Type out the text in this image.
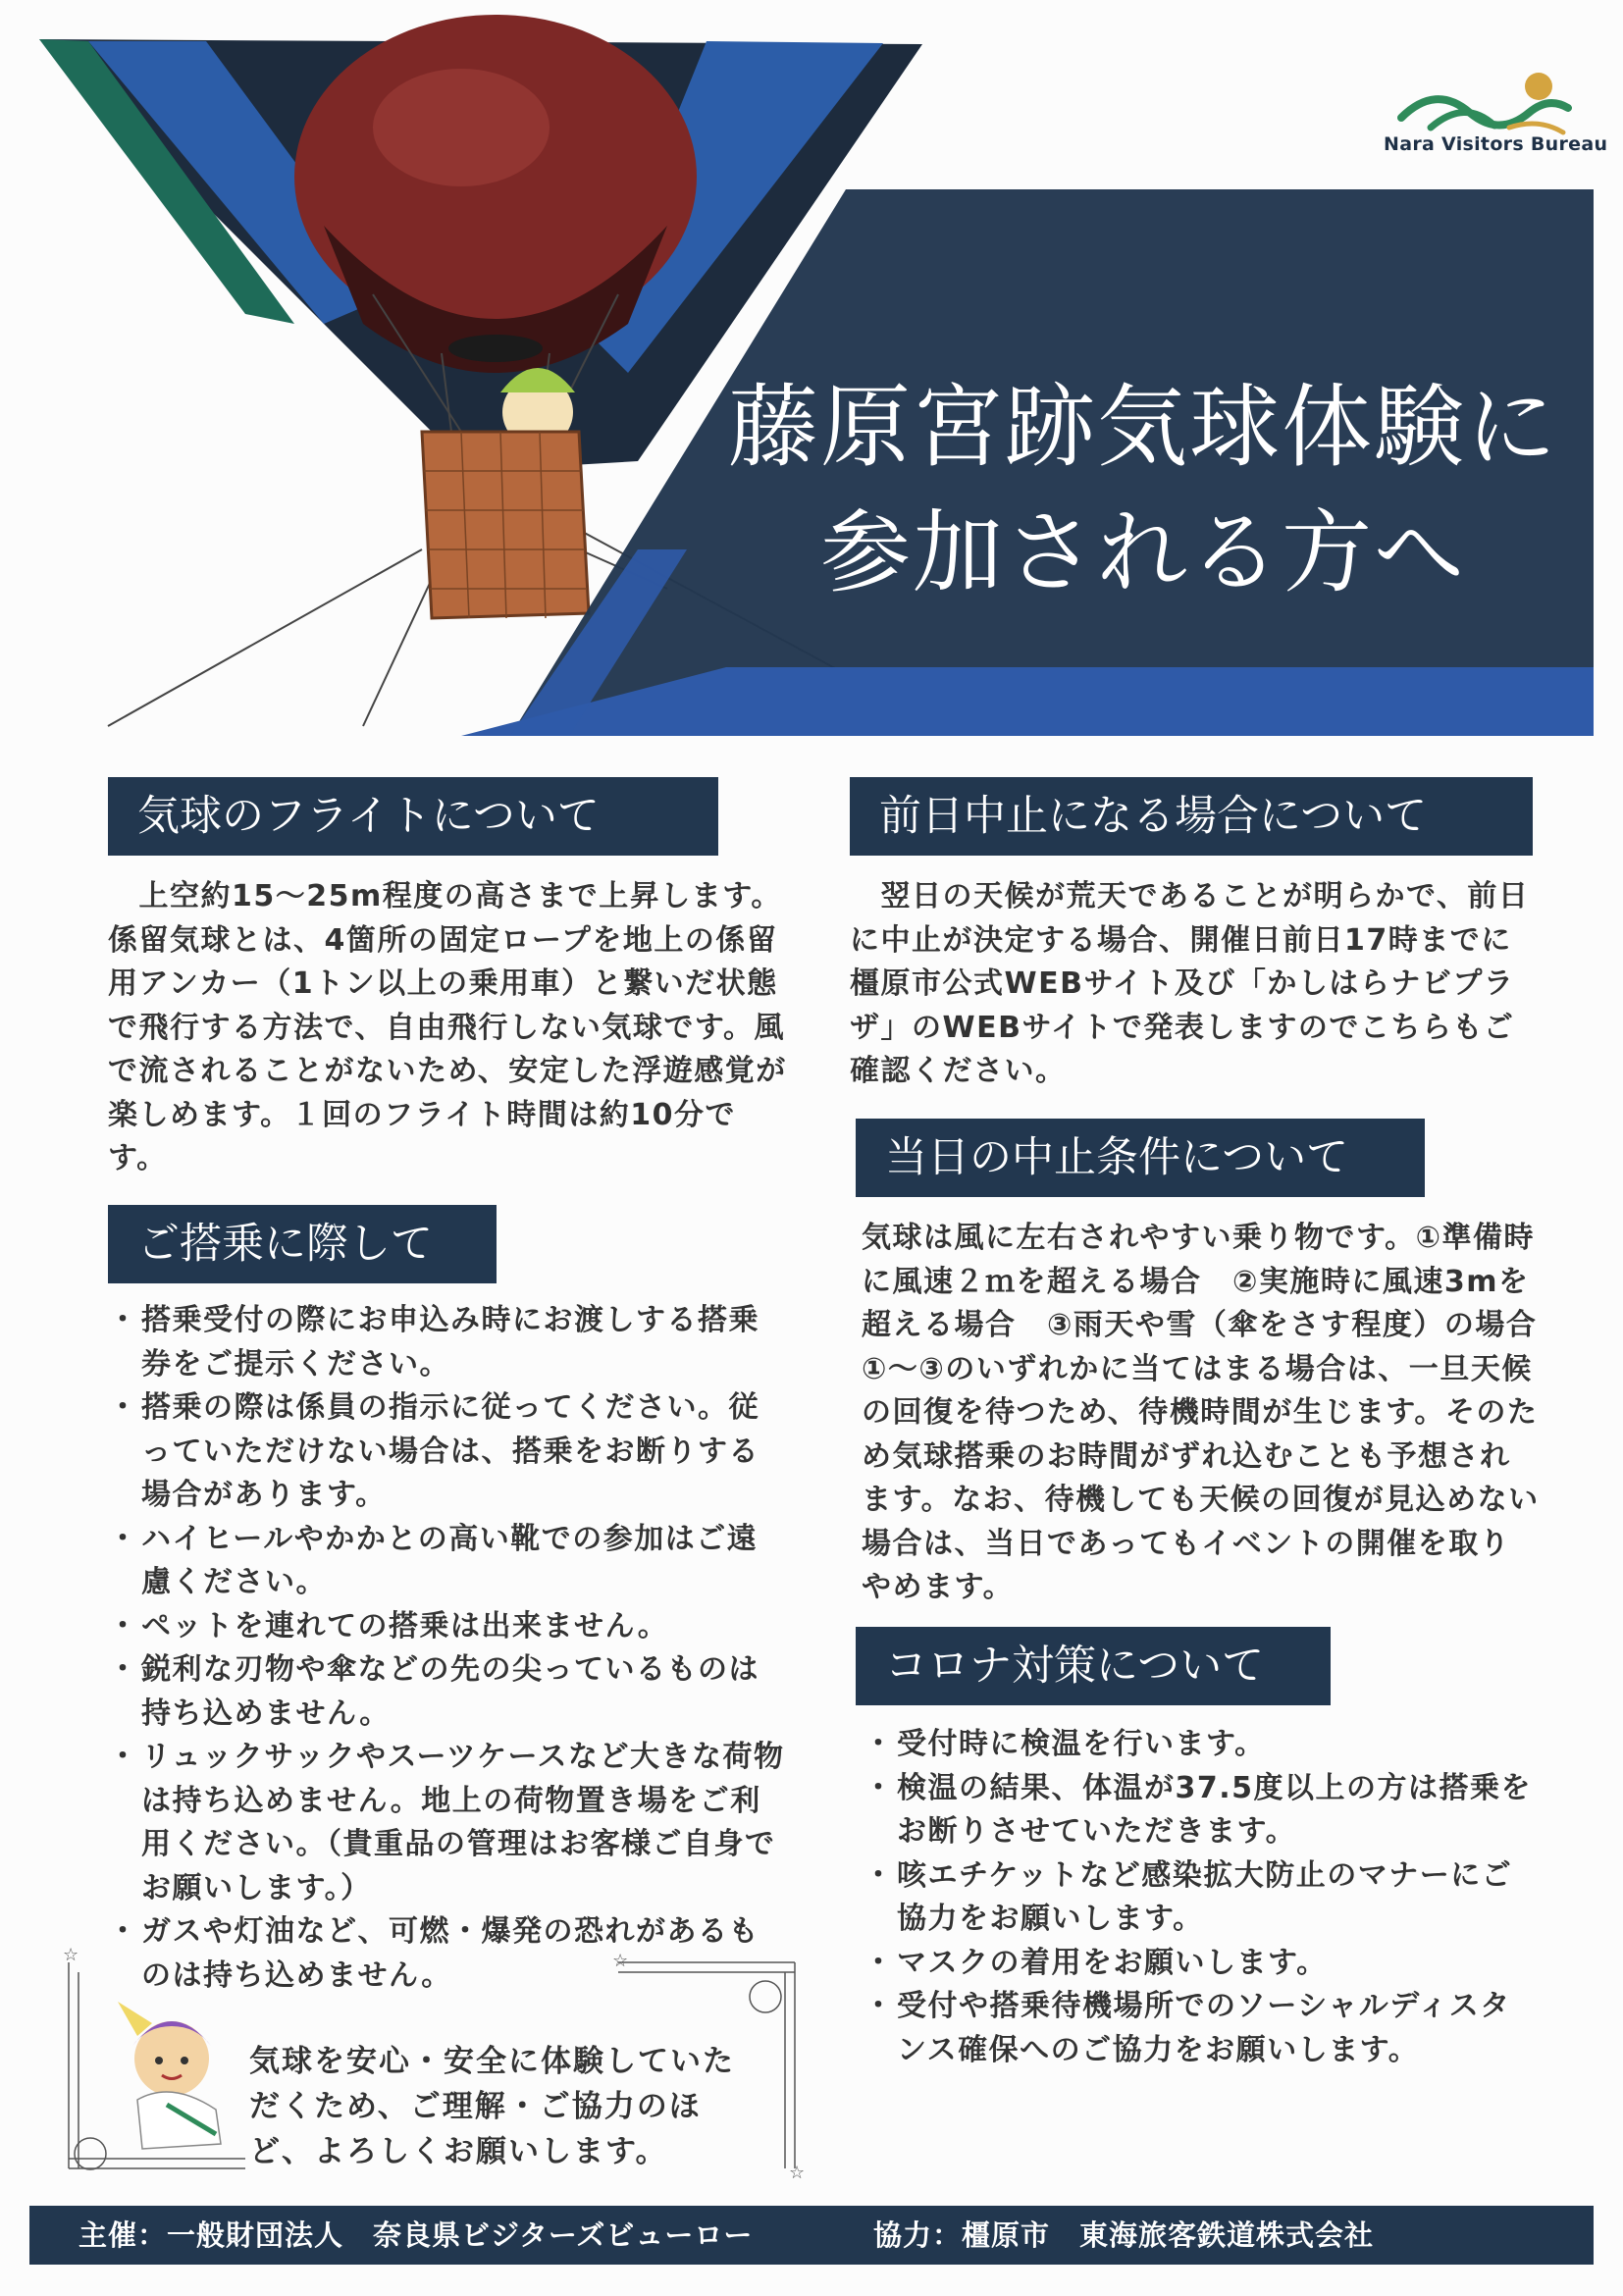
藤原宮跡気球体験に
参加される方へ
Nara Visitors Bureau
気球のフライトについて
　上空約15～25m程度の高さまで上昇します。係留気球とは、4箇所の固定ロープを地上の係留用アンカー（1トン以上の乗用車）と繋いだ状態で飛行する方法で、自由飛行しない気球です。風で流されることがないため、安定した浮遊感覚が楽しめます。１回のフライト時間は約10分です。
ご搭乗に際して
・ 搭乗受付の際にお申込み時にお渡しする搭乗券をご提示ください。
・ 搭乗の際は係員の指示に従ってください。従っていただけない場合は、搭乗をお断りする場合があります。
・ ハイヒールやかかとの高い靴での参加はご遠慮ください。
・ ペットを連れての搭乗は出来ません。
・ 鋭利な刃物や傘などの先の尖っているものは持ち込めません。
・ リュックサックやスーツケースなど大きな荷物は持ち込めません。地上の荷物置き場をご利用ください。（貴重品の管理はお客様ご自身でお願いします。）
・ ガスや灯油など、可燃・爆発の恐れがあるものは持ち込めません。
前日中止になる場合について
　翌日の天候が荒天であることが明らかで、前日に中止が決定する場合、開催日前日17時までに橿原市公式WEBサイト及び「かしはらナビプラザ」のWEBサイトで発表しますのでこちらもご確認ください。
当日の中止条件について
気球は風に左右されやすい乗り物です。①準備時に風速２ｍを超える場合　②実施時に風速3mを超える場合　③雨天や雪（傘をさす程度）の場合　①～③のいずれかに当てはまる場合は、一旦天候の回復を待つため、待機時間が生じます。そのため気球搭乗のお時間がずれ込むことも予想されます。なお、待機しても天候の回復が見込めない場合は、当日であってもイベントの開催を取りやめます。
コロナ対策について
・ 受付時に検温を行います。
・ 検温の結果、体温が37.5度以上の方は搭乗をお断りさせていただきます。
・ 咳エチケットなど感染拡大防止のマナーにご協力をお願いします。
・ マスクの着用をお願いします。
・ 受付や搭乗待機場所でのソーシャルディスタンス確保へのご協力をお願いします。
☆	☆
☆
気球を安心・安全に体験していただくため、ご理解・ご協力のほど、よろしくお願いします。
主催：一般財団法人　奈良県ビジターズビューロー	協力：橿原市　東海旅客鉄道株式会社
